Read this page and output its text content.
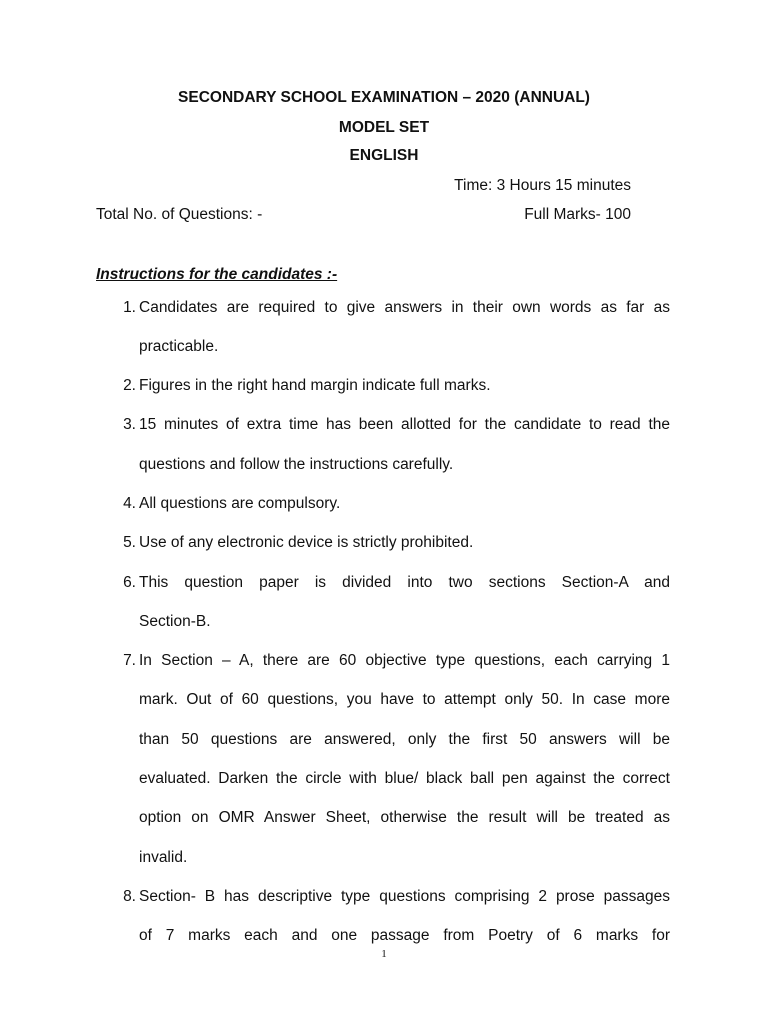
SECONDARY SCHOOL EXAMINATION – 2020 (ANNUAL)
MODEL SET
ENGLISH
Time: 3 Hours 15 minutes
Total No. of Questions: -	Full Marks- 100
Instructions for the candidates :-
1. Candidates are required to give answers in their own words as far as
practicable.
2. Figures in the right hand margin indicate full marks.
3. 15 minutes of extra time has been allotted for the candidate to read the
questions and follow the instructions carefully.
4. All questions are compulsory.
5. Use of any electronic device is strictly prohibited.
6. This question paper is divided into two sections Section-A and
Section-B.
7. In Section – A, there are 60 objective type questions, each carrying 1
mark. Out of 60 questions, you have to attempt only 50. In case more
than 50 questions are answered, only the first 50 answers will be
evaluated. Darken the circle with blue/ black ball pen against the correct
option on OMR Answer Sheet, otherwise the result will be treated as
invalid.
8. Section- B has descriptive type questions comprising 2 prose passages
of 7 marks each and one passage from Poetry of 6 marks for
1
